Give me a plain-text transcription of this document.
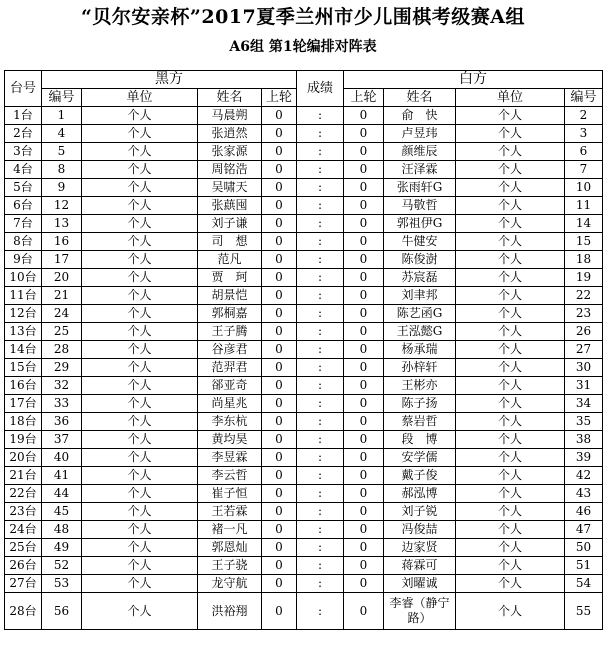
“贝尔安亲杯”2017夏季兰州市少儿围棋考级赛A组
A6组 第1轮编排对阵表
台号	黑方				成绩	白方			
	编号	单位	姓名	上轮		上轮	姓名	单位	编号
1台	1	个人	马晨朔	0	:	0	俞　快	个人	2
2台	4	个人	张逍然	0	:	0	卢昱玮	个人	3
3台	5	个人	张家源	0	:	0	颜维辰	个人	6
4台	8	个人	周铭浩	0	:	0	汪泽霖	个人	7
5台	9	个人	吴啸天	0	:	0	张雨轩G	个人	10
6台	12	个人	张蕻囤	0	:	0	马敬哲	个人	11
7台	13	个人	刘子谦	0	:	0	郭祖伊G	个人	14
8台	16	个人	司　想	0	:	0	牛健安	个人	15
9台	17	个人	范凡	0	:	0	陈俊澍	个人	18
10台	20	个人	贾　珂	0	:	0	苏宸磊	个人	19
11台	21	个人	胡景恺	0	:	0	刘聿邦	个人	22
12台	24	个人	郭桐嘉	0	:	0	陈艺函G	个人	23
13台	25	个人	王子腾	0	:	0	王泓懿G	个人	26
14台	28	个人	谷彦君	0	:	0	杨承瑞	个人	27
15台	29	个人	范羿君	0	:	0	孙梓轩	个人	30
16台	32	个人	郤亚奇	0	:	0	王彬亦	个人	31
17台	33	个人	尚星兆	0	:	0	陈子扬	个人	34
18台	36	个人	李东杭	0	:	0	蔡岩哲	个人	35
19台	37	个人	黄均昊	0	:	0	段　博	个人	38
20台	40	个人	李昱霖	0	:	0	安学儒	个人	39
21台	41	个人	李云哲	0	:	0	戴子俊	个人	42
22台	44	个人	崔子恒	0	:	0	郝泓博	个人	43
23台	45	个人	王若霖	0	:	0	刘子锐	个人	46
24台	48	个人	褚一凡	0	:	0	冯俊喆	个人	47
25台	49	个人	郭恩灿	0	:	0	边家贤	个人	50
26台	52	个人	王子骁	0	:	0	蒋霖可	个人	51
27台	53	个人	龙守航	0	:	0	刘曜诚	个人	54
28台	56	个人	洪裕翔	0	:	0	李睿（静宁路）	个人	55
